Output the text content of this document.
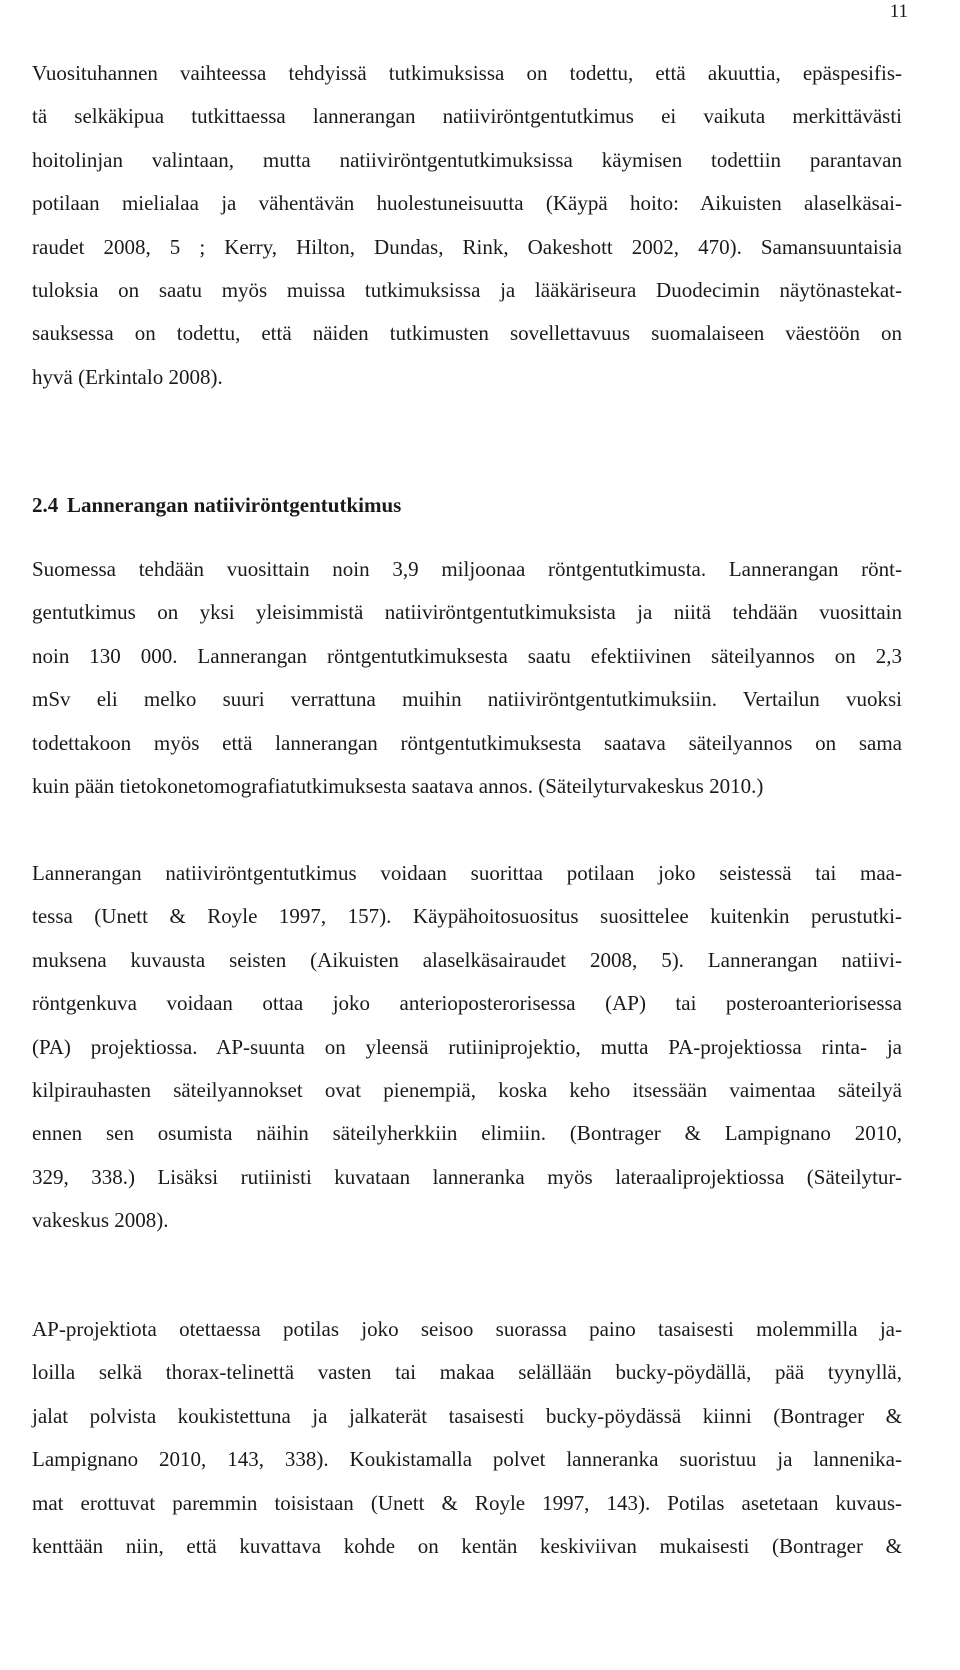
11
Vuosituhannen vaihteessa tehdyissä tutkimuksissa on todettu, että akuuttia, epäspesifis-
tä selkäkipua tutkittaessa lannerangan natiiviröntgentutkimus ei vaikuta merkittävästi
hoitolinjan valintaan, mutta natiiviröntgentutkimuksissa käymisen todettiin parantavan
potilaan mielialaa ja vähentävän huolestuneisuutta (Käypä hoito: Aikuisten alaselkäsai-
raudet 2008, 5 ; Kerry, Hilton, Dundas, Rink, Oakeshott 2002, 470). Samansuuntaisia
tuloksia on saatu myös muissa tutkimuksissa ja lääkäriseura Duodecimin näytönastekat-
sauksessa on todettu, että näiden tutkimusten sovellettavuus suomalaiseen väestöön on
hyvä (Erkintalo 2008).
2.4 Lannerangan natiiviröntgentutkimus
Suomessa tehdään vuosittain noin 3,9 miljoonaa röntgentutkimusta. Lannerangan rönt-
gentutkimus on yksi yleisimmistä natiiviröntgentutkimuksista ja niitä tehdään vuosittain
noin 130 000. Lannerangan röntgentutkimuksesta saatu efektiivinen säteilyannos on 2,3
mSv eli melko suuri verrattuna muihin natiiviröntgentutkimuksiin. Vertailun vuoksi
todettakoon myös että lannerangan röntgentutkimuksesta saatava säteilyannos on sama
kuin pään tietokonetomografiatutkimuksesta saatava annos. (Säteilyturvakeskus 2010.)
Lannerangan natiiviröntgentutkimus voidaan suorittaa potilaan joko seistessä tai maa-
tessa (Unett & Royle 1997, 157). Käypähoitosuositus suosittelee kuitenkin perustutki-
muksena kuvausta seisten (Aikuisten alaselkäsairaudet 2008, 5). Lannerangan natiivi-
röntgenkuva voidaan ottaa joko anterioposterorisessa (AP) tai posteroanteriorisessa
(PA) projektiossa. AP-suunta on yleensä rutiiniprojektio, mutta PA-projektiossa rinta- ja
kilpirauhasten säteilyannokset ovat pienempiä, koska keho itsessään vaimentaa säteilyä
ennen sen osumista näihin säteilyherkkiin elimiin. (Bontrager & Lampignano 2010,
329, 338.) Lisäksi rutiinisti kuvataan lanneranka myös lateraaliprojektiossa (Säteilytur-
vakeskus 2008).
AP-projektiota otettaessa potilas joko seisoo suorassa paino tasaisesti molemmilla ja-
loilla selkä thorax-telinettä vasten tai makaa selällään bucky-pöydällä, pää tyynyllä,
jalat polvista koukistettuna ja jalkaterät tasaisesti bucky-pöydässä kiinni (Bontrager &
Lampignano 2010, 143, 338). Koukistamalla polvet lanneranka suoristuu ja lannenika-
mat erottuvat paremmin toisistaan (Unett & Royle 1997, 143). Potilas asetetaan kuvaus-
kenttään niin, että kuvattava kohde on kentän keskiviivan mukaisesti (Bontrager &
